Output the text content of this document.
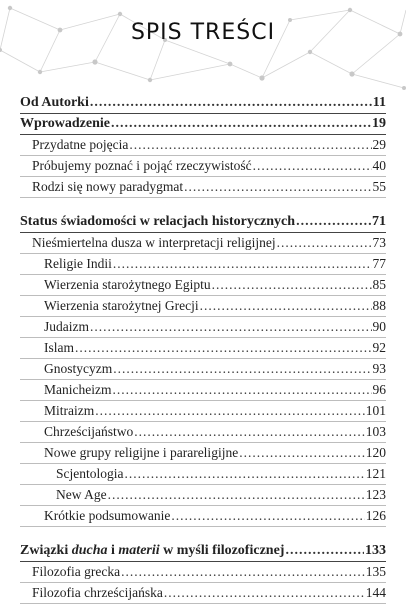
SPIS TREŚCI
Od Autorki .....	11
Wprowadzenie .....	19
Przydatne pojęcia .....	29
Próbujemy poznać i pojąć rzeczywistość .....	40
Rodzi się nowy paradygmat .....	55
Status świadomości w relacjach historycznych .....	71
Nieśmiertelna dusza w interpretacji religijnej .....	73
Religie Indii .....	77
Wierzenia starożytnego Egiptu .....	85
Wierzenia starożytnej Grecji .....	88
Judaizm .....	90
Islam .....	92
Gnostycyzm .....	93
Manicheizm .....	96
Mitraizm .....	101
Chrześcijaństwo .....	103
Nowe grupy religijne i parareligijne .....	120
Scjentologia .....	121
New Age .....	123
Krótkie podsumowanie .....	126
Związki ducha i materii w myśli filozoficznej .....	133
Filozofia grecka .....	135
Filozofia chrześcijańska .....	144
